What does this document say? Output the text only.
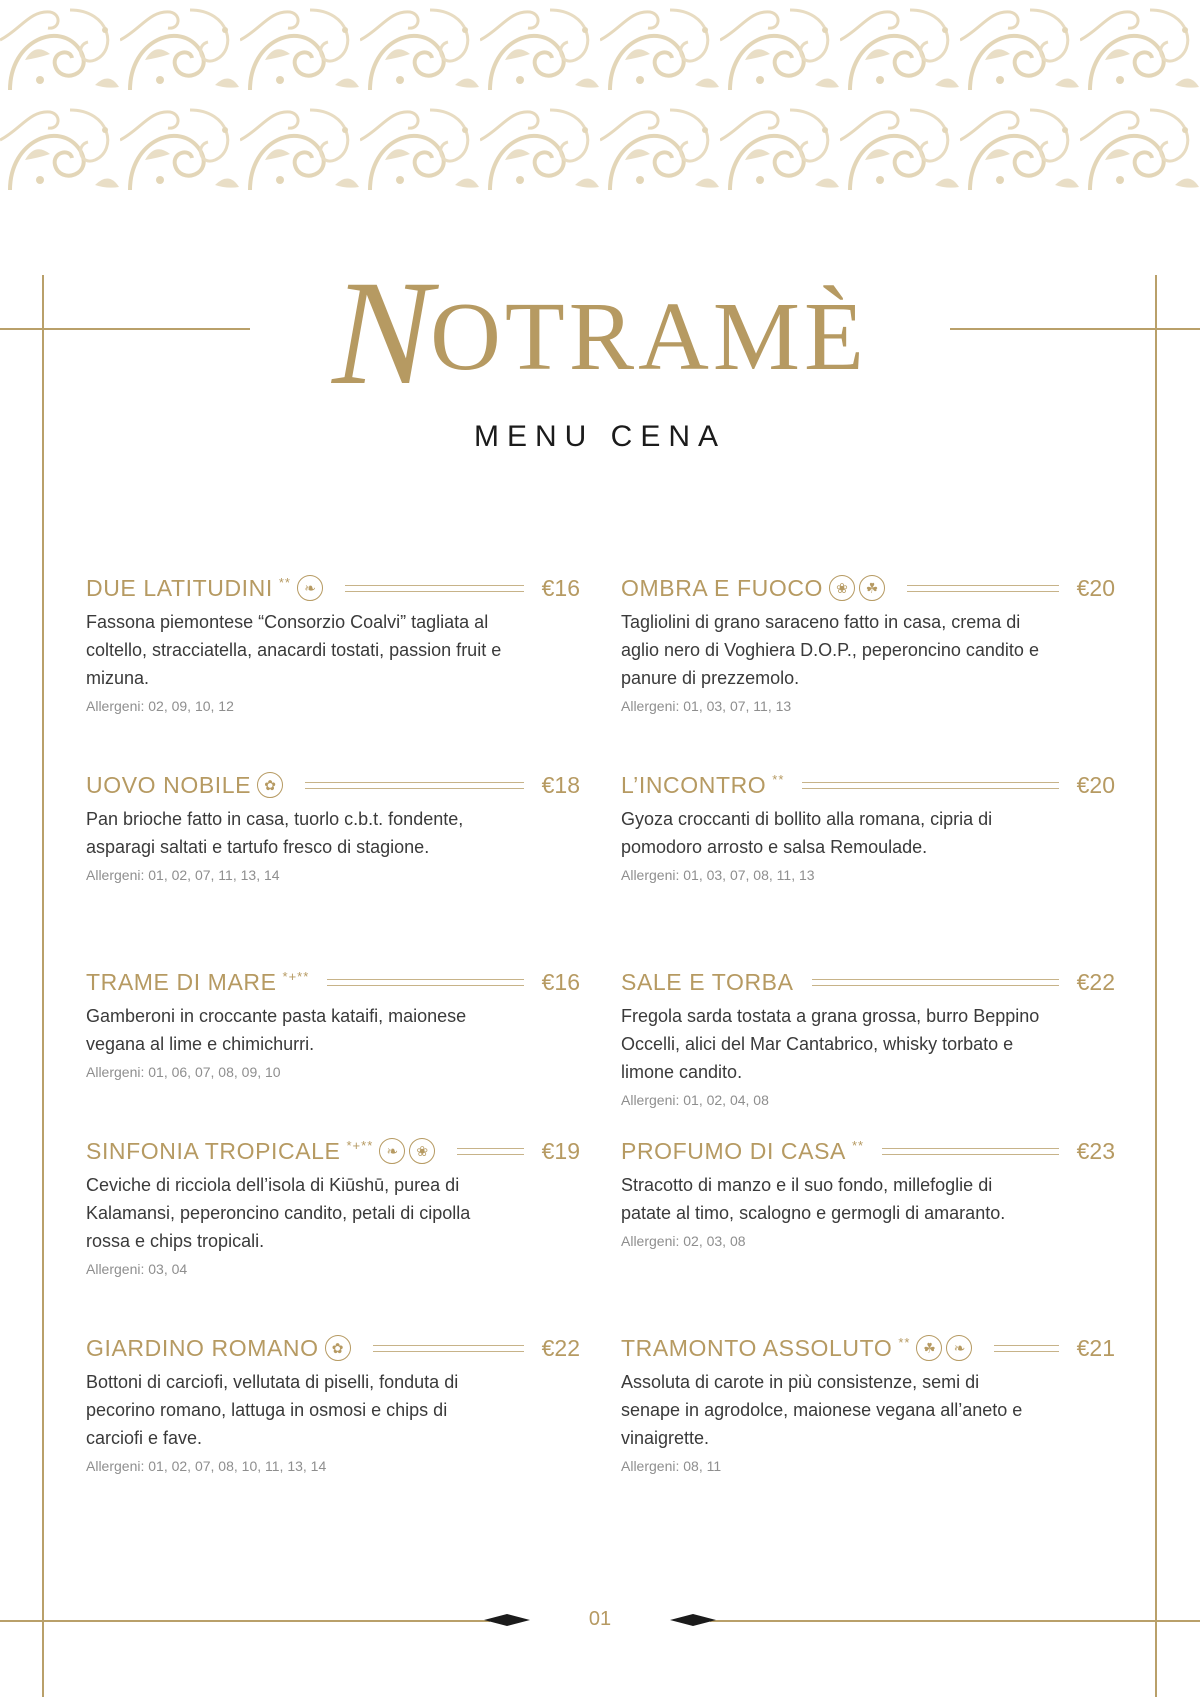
NOTRAMÈ
MENU CENA
DUE LATITUDINI ** ❧	€16
Fassona piemontese “Consorzio Coalvi” tagliata al coltello, stracciatella, anacardi tostati, passion fruit e mizuna.
Allergeni: 02, 09, 10, 12
UOVO NOBILE ✿	€18
Pan brioche fatto in casa, tuorlo c.b.t. fondente, asparagi saltati e tartufo fresco di stagione.
Allergeni: 01, 02, 07, 11, 13, 14
TRAME DI MARE *+**	€16
Gamberoni in croccante pasta kataifi, maionese vegana al lime e chimichurri.
Allergeni: 01, 06, 07, 08, 09, 10
SINFONIA TROPICALE *+** ❧	❀	€19
Ceviche di ricciola dell’isola di Kiūshū, purea di Kalamansi, peperoncino candito, petali di cipolla rossa e chips tropicali.
Allergeni: 03, 04
GIARDINO ROMANO ✿	€22
Bottoni di carciofi, vellutata di piselli, fonduta di pecorino romano, lattuga in osmosi e chips di carciofi e fave.
Allergeni: 01, 02, 07, 08, 10, 11, 13, 14
OMBRA E FUOCO ❀	☘	€20
Tagliolini di grano saraceno fatto in casa, crema di aglio nero di Voghiera D.O.P., peperoncino candito e panure di prezzemolo.
Allergeni: 01, 03, 07, 11, 13
L’INCONTRO **	€20
Gyoza croccanti di bollito alla romana, cipria di pomodoro arrosto e salsa Remoulade.
Allergeni: 01, 03, 07, 08, 11, 13
SALE E TORBA	€22
Fregola sarda tostata a grana grossa, burro Beppino Occelli, alici del Mar Cantabrico, whisky torbato e limone candito.
Allergeni: 01, 02, 04, 08
PROFUMO DI CASA **	€23
Stracotto di manzo e il suo fondo, millefoglie di patate al timo, scalogno e germogli di amaranto.
Allergeni: 02, 03, 08
TRAMONTO ASSOLUTO ** ☘	❧	€21
Assoluta di carote in più consistenze, semi di senape in agrodolce, maionese vegana all’aneto e vinaigrette.
Allergeni: 08, 11
01
